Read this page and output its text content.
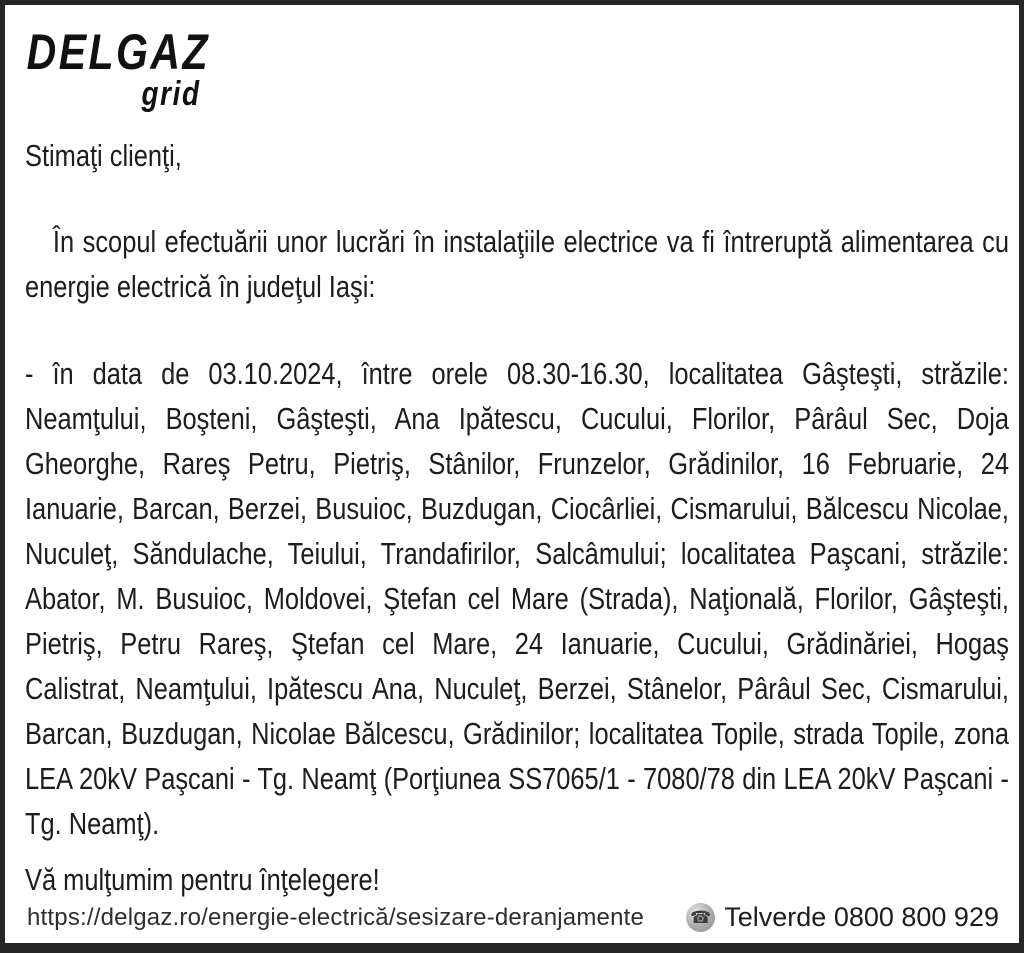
DELGAZ
grid

Stimaţi clienţi,

În scopul efectuării unor lucrări în instalaţiile electrice va fi întreruptă alimentarea cu energie electrică în judeţul Iaşi:

- în data de 03.10.2024, între orele 08.30-16.30, localitatea Gâşteşti, străzile: Neamţului, Boşteni, Gâşteşti, Ana Ipătescu, Cucului, Florilor, Pârâul Sec, Doja Gheorghe, Rareş Petru, Pietriş, Stânilor, Frunzelor, Grădinilor, 16 Februarie, 24 Ianuarie, Barcan, Berzei, Busuioc, Buzdugan, Ciocârliei, Cismarului, Bălcescu Nicolae, Nuculeţ, Săndulache, Teiului, Trandafirilor, Salcâmului; localitatea Paşcani, străzile: Abator, M. Busuioc, Moldovei, Ştefan cel Mare (Strada), Naţională, Florilor, Gâşteşti, Pietriş, Petru Rareş, Ştefan cel Mare, 24 Ianuarie, Cucului, Grădinăriei, Hogaş Calistrat, Neamţului, Ipătescu Ana, Nuculeţ, Berzei, Stânelor, Pârâul Sec, Cismarului, Barcan, Buzdugan, Nicolae Bălcescu, Grădinilor; localitatea Topile, strada Topile, zona LEA 20kV Paşcani - Tg. Neamţ (Porţiunea SS7065/1 - 7080/78 din LEA 20kV Paşcani - Tg. Neamţ).

Vă mulţumim pentru înţelegere!

https://delgaz.ro/energie-electrică/sesizare-deranjamente	☎ Telverde 0800 800 929
